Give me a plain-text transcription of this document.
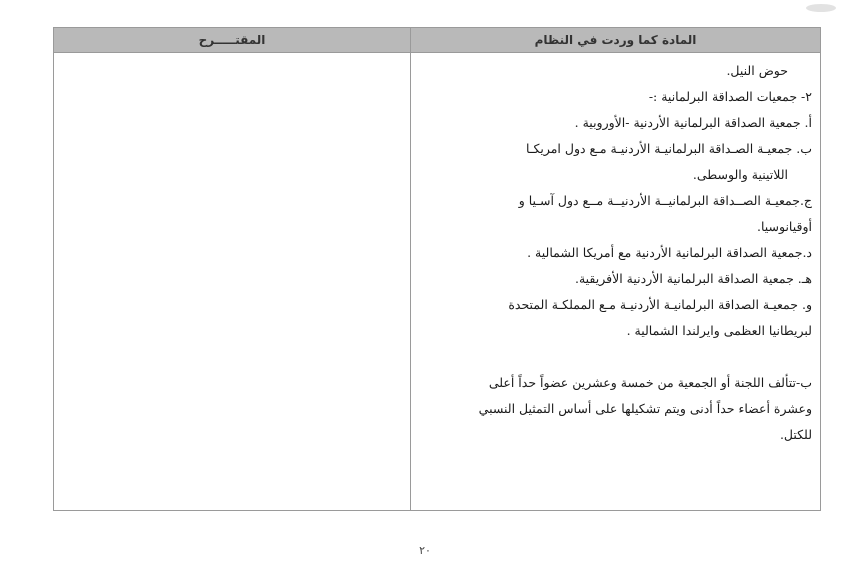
المادة كما وردت في النظام

حوض النيل.

٢- جمعيات الصداقة البرلمانية :-

أ. جمعية الصداقة البرلمانية الأردنية -الأوروبية .

ب. جمعيـة الصـداقة البرلمانيـة الأردنيـة مـع دول امريكـا

اللاتينية والوسطى.

ج.جمعيـة الصــداقة البرلمانيــة الأردنيــة مــع دول آسـيا و

أوقيانوسيا.

د.جمعية الصداقة البرلمانية الأردنية مع أمريكا الشمالية .

هـ. جمعية الصداقة البرلمانية الأردنية الأفريقية.

و. جمعيـة الصداقة البرلمانيـة الأردنيـة مـع المملكـة المتحدة

لبريطانيا العظمى وايرلندا الشمالية .

ب-تتألف اللجنة أو الجمعية من خمسة وعشرين عضواً حداً أعلى

وعشرة أعضاء حداً أدنى ويتم تشكيلها على أساس التمثيل النسبي

للكتل.

المقتـــــرح
٢٠
